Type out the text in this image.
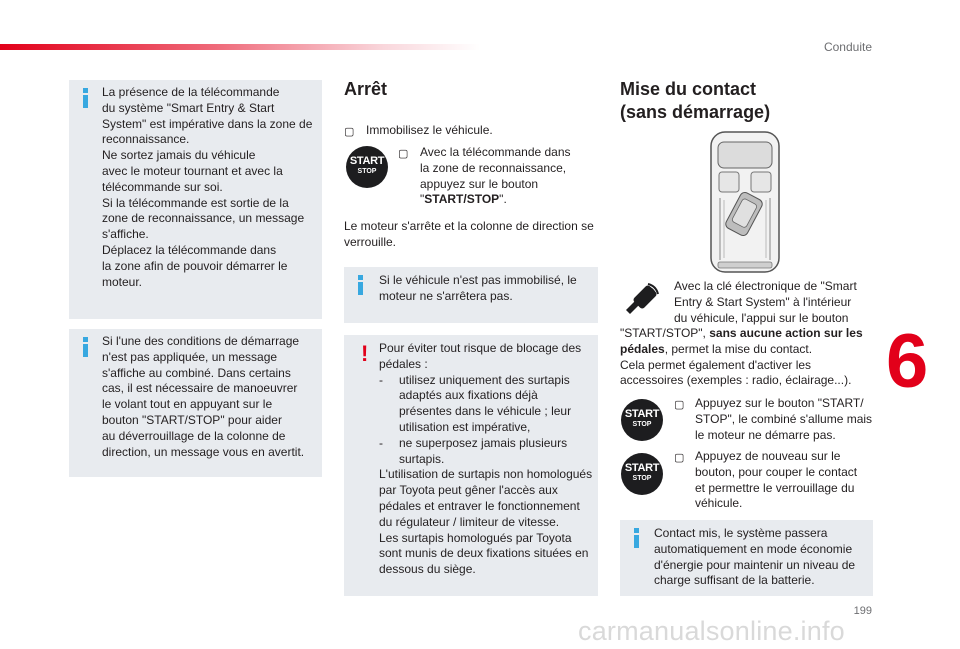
Conduite
6
199
carmanualsonline.info
La présence de la télécommande
du système "Smart Entry & Start
System" est impérative dans la zone de
reconnaissance.
Ne sortez jamais du véhicule
avec le moteur tournant et avec la
télécommande sur soi.
Si la télécommande est sortie de la
zone de reconnaissance, un message
s'affiche.
Déplacez la télécommande dans
la zone afin de pouvoir démarrer le
moteur.
Si l'une des conditions de démarrage
n'est pas appliquée, un message
s'affiche au combiné. Dans certains
cas, il est nécessaire de manoeuvrer
le volant tout en appuyant sur le
bouton "START/STOP" pour aider
au déverrouillage de la colonne de
direction, un message vous en avertit.
Arrêt
▢ Immobilisez le véhicule.
START
STOP
▢ Avec la télécommande dans
la zone de reconnaissance,
appuyez sur le bouton
"START/STOP".
Le moteur s'arrête et la colonne de direction se
verrouille.
Si le véhicule n'est pas immobilisé, le
moteur ne s'arrêtera pas.
! Pour éviter tout risque de blocage des
pédales :
- utilisez uniquement des surtapis
adaptés aux fixations déjà
présentes dans le véhicule ; leur
utilisation est impérative,
- ne superposez jamais plusieurs
surtapis.
L'utilisation de surtapis non homologués
par Toyota peut gêner l'accès aux
pédales et entraver le fonctionnement
du régulateur / limiteur de vitesse.
Les surtapis homologués par Toyota
sont munis de deux fixations situées en
dessous du siège.
Mise du contact
(sans démarrage)
Avec la clé électronique de "Smart
Entry & Start System" à l'intérieur
du véhicule, l'appui sur le bouton
"START/STOP", sans aucune action sur les
pédales, permet la mise du contact.
Cela permet également d'activer les
accessoires (exemples : radio, éclairage...).
START
STOP
▢ Appuyez sur le bouton "START/
STOP", le combiné s'allume mais
le moteur ne démarre pas.
START
STOP
▢ Appuyez de nouveau sur le
bouton, pour couper le contact
et permettre le verrouillage du
véhicule.
Contact mis, le système passera
automatiquement en mode économie
d'énergie pour maintenir un niveau de
charge suffisant de la batterie.
